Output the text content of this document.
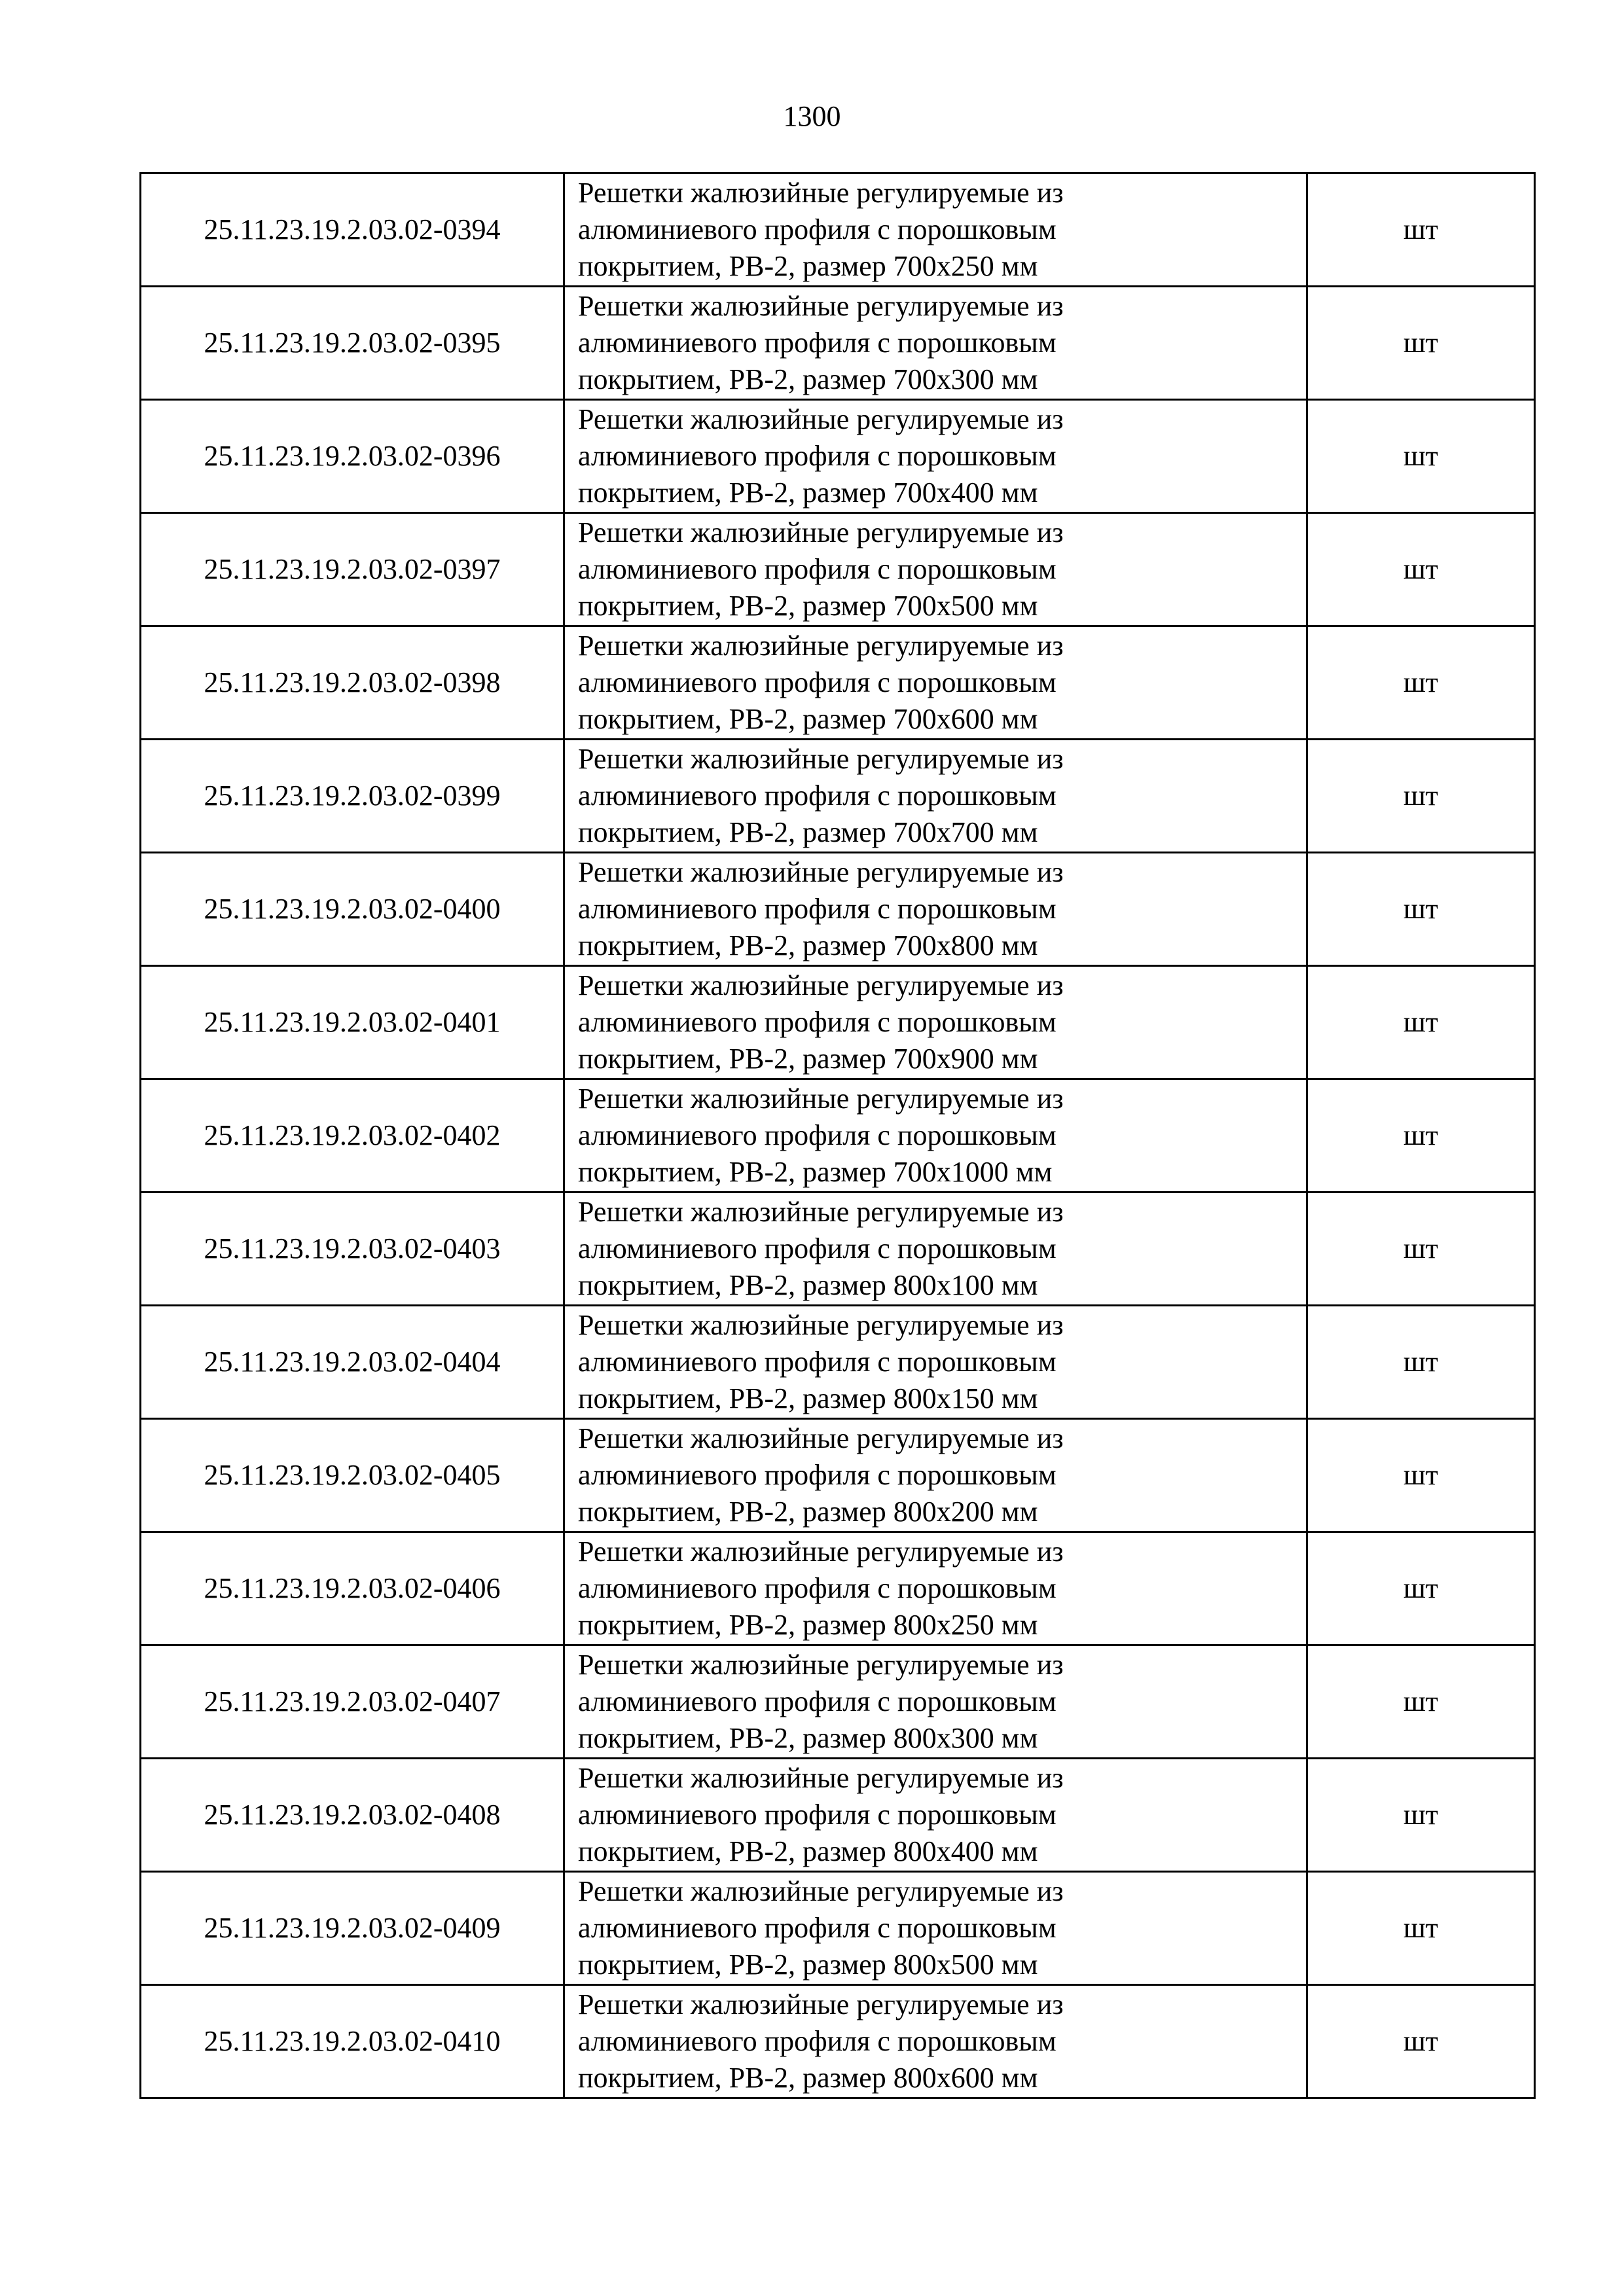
1300
25.11.23.19.2.03.02-0394	Решетки жалюзийные регулируемые из
алюминиевого профиля с порошковым
покрытием, РВ-2, размер 700х250 мм	шт
25.11.23.19.2.03.02-0395	Решетки жалюзийные регулируемые из
алюминиевого профиля с порошковым
покрытием, РВ-2, размер 700х300 мм	шт
25.11.23.19.2.03.02-0396	Решетки жалюзийные регулируемые из
алюминиевого профиля с порошковым
покрытием, РВ-2, размер 700х400 мм	шт
25.11.23.19.2.03.02-0397	Решетки жалюзийные регулируемые из
алюминиевого профиля с порошковым
покрытием, РВ-2, размер 700х500 мм	шт
25.11.23.19.2.03.02-0398	Решетки жалюзийные регулируемые из
алюминиевого профиля с порошковым
покрытием, РВ-2, размер 700х600 мм	шт
25.11.23.19.2.03.02-0399	Решетки жалюзийные регулируемые из
алюминиевого профиля с порошковым
покрытием, РВ-2, размер 700х700 мм	шт
25.11.23.19.2.03.02-0400	Решетки жалюзийные регулируемые из
алюминиевого профиля с порошковым
покрытием, РВ-2, размер 700х800 мм	шт
25.11.23.19.2.03.02-0401	Решетки жалюзийные регулируемые из
алюминиевого профиля с порошковым
покрытием, РВ-2, размер 700х900 мм	шт
25.11.23.19.2.03.02-0402	Решетки жалюзийные регулируемые из
алюминиевого профиля с порошковым
покрытием, РВ-2, размер 700х1000 мм	шт
25.11.23.19.2.03.02-0403	Решетки жалюзийные регулируемые из
алюминиевого профиля с порошковым
покрытием, РВ-2, размер 800х100 мм	шт
25.11.23.19.2.03.02-0404	Решетки жалюзийные регулируемые из
алюминиевого профиля с порошковым
покрытием, РВ-2, размер 800х150 мм	шт
25.11.23.19.2.03.02-0405	Решетки жалюзийные регулируемые из
алюминиевого профиля с порошковым
покрытием, РВ-2, размер 800х200 мм	шт
25.11.23.19.2.03.02-0406	Решетки жалюзийные регулируемые из
алюминиевого профиля с порошковым
покрытием, РВ-2, размер 800х250 мм	шт
25.11.23.19.2.03.02-0407	Решетки жалюзийные регулируемые из
алюминиевого профиля с порошковым
покрытием, РВ-2, размер 800х300 мм	шт
25.11.23.19.2.03.02-0408	Решетки жалюзийные регулируемые из
алюминиевого профиля с порошковым
покрытием, РВ-2, размер 800х400 мм	шт
25.11.23.19.2.03.02-0409	Решетки жалюзийные регулируемые из
алюминиевого профиля с порошковым
покрытием, РВ-2, размер 800х500 мм	шт
25.11.23.19.2.03.02-0410	Решетки жалюзийные регулируемые из
алюминиевого профиля с порошковым
покрытием, РВ-2, размер 800х600 мм	шт
